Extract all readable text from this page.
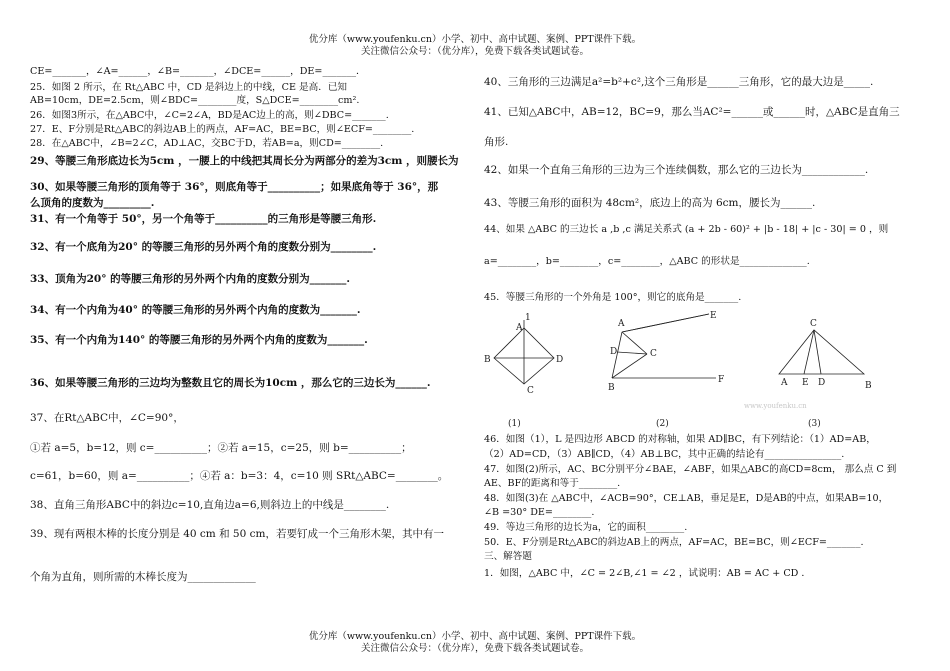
优分库（www.youfenku.cn）小学、初中、高中试题、案例、PPT课件下载。
关注微信公众号：（优分库），免费下载各类试题试卷。
CE=_______，∠A=______，∠B=_______，∠DCE=______，DE=_______．
25．如图 2 所示，在 Rt△ABC 中，CD 是斜边上的中线，CE 是高．已知
AB=10cm，DE=2.5cm，则∠BDC=________度，S△DCE=________cm².
26．如图3所示，在△ABC中，∠C=2∠A，BD是AC边上的高，则∠DBC=_______.
27．E、F分别是Rt△ABC的斜边AB上的两点，AF=AC，BE=BC，则∠ECF=________.
28．在△ABC中，∠B=2∠C，AD⊥AC，交BC于D，若AB=a，则CD=________.
29、等腰三角形底边长为5cm ，一腰上的中线把其周长分为两部分的差为3cm ，则腰长为
30、如果等腰三角形的顶角等于 36°，则底角等于__________；如果底角等于 36°，那
么顶角的度数为_________.
31、有一个角等于 50°，另一个角等于__________的三角形是等腰三角形.
32、有一个底角为20° 的等腰三角形的另外两个角的度数分别为________.
33、顶角为20° 的等腰三角形的另外两个内角的度数分别为_______.
34、有一个内角为40° 的等腰三角形的另外两个内角的度数为_______.
35、有一个内角为140° 的等腰三角形的另外两个内角的度数为_______.
36、如果等腰三角形的三边均为整数且它的周长为10cm ，那么它的三边长为______.
37、在Rt△ABC中，∠C=90°，
①若 a=5，b=12，则 c=__________；②若 a=15，c=25，则 b=__________；
c=61，b=60，则 a=__________；④若 a：b=3：4，c=10 则 SRt△ABC=________。
38、直角三角形ABC中的斜边c=10,直角边a=6,则斜边上的中线是________.
39、现有两根木棒的长度分别是 40 cm 和 50 cm，若要钉成一个三角形木架，其中有一
个角为直角，则所需的木棒长度为_____________
40、三角形的三边满足a²=b²+c²,这个三角形是______三角形，它的最大边是_____.
41、已知△ABC中，AB=12，BC=9，那么当AC²=______或______时，△ABC是直角三
角形.
42、如果一个直角三角形的三边为三个连续偶数，那么它的三边长为____________.
43、等腰三角形的面积为 48cm²，底边上的高为 6cm，腰长为______.
44、如果 △ABC 的三边长 a ,b ,c 满足关系式 (a + 2b - 60)² + |b - 18| + |c - 30| = 0 ，则
a=________，b=________，c=________，△ABC 的形状是______________.
45．等腰三角形的一个外角是 100°，则它的底角是_______.
www.youfenku.cn
A
1
B	D
C
A
D	C
B
E
F
C
A E D	B
(1)	(2)	(3)
46．如图（1），L 是四边形 ABCD 的对称轴，如果 AD∥BC，有下列结论：（1）AD=AB，
（2）AD=CD，（3）AB∥CD，（4）AB⊥BC，其中正确的结论有________________.
47．如图(2)所示，AC、BC分别平分∠BAE，∠ABF，如果△ABC的高CD=8cm， 那么点 C 到
AE、BF的距离和等于________.
48．如图(3)在 △ABC中，∠ACB=90°，CE⊥AB，垂足是E，D是AB的中点，如果AB=10，
∠B =30° DE=________.
49．等边三角形的边长为a，它的面积________.
50．E、F分别是Rt△ABC的斜边AB上的两点，AF=AC，BE=BC，则∠ECF=_______.
三、解答题
1．如图，△ABC 中，∠C = 2∠B,∠1 = ∠2 ，试说明：AB = AC + CD ．
优分库（www.youfenku.cn）小学、初中、高中试题、案例、PPT课件下载。
关注微信公众号：（优分库），免费下载各类试题试卷。
